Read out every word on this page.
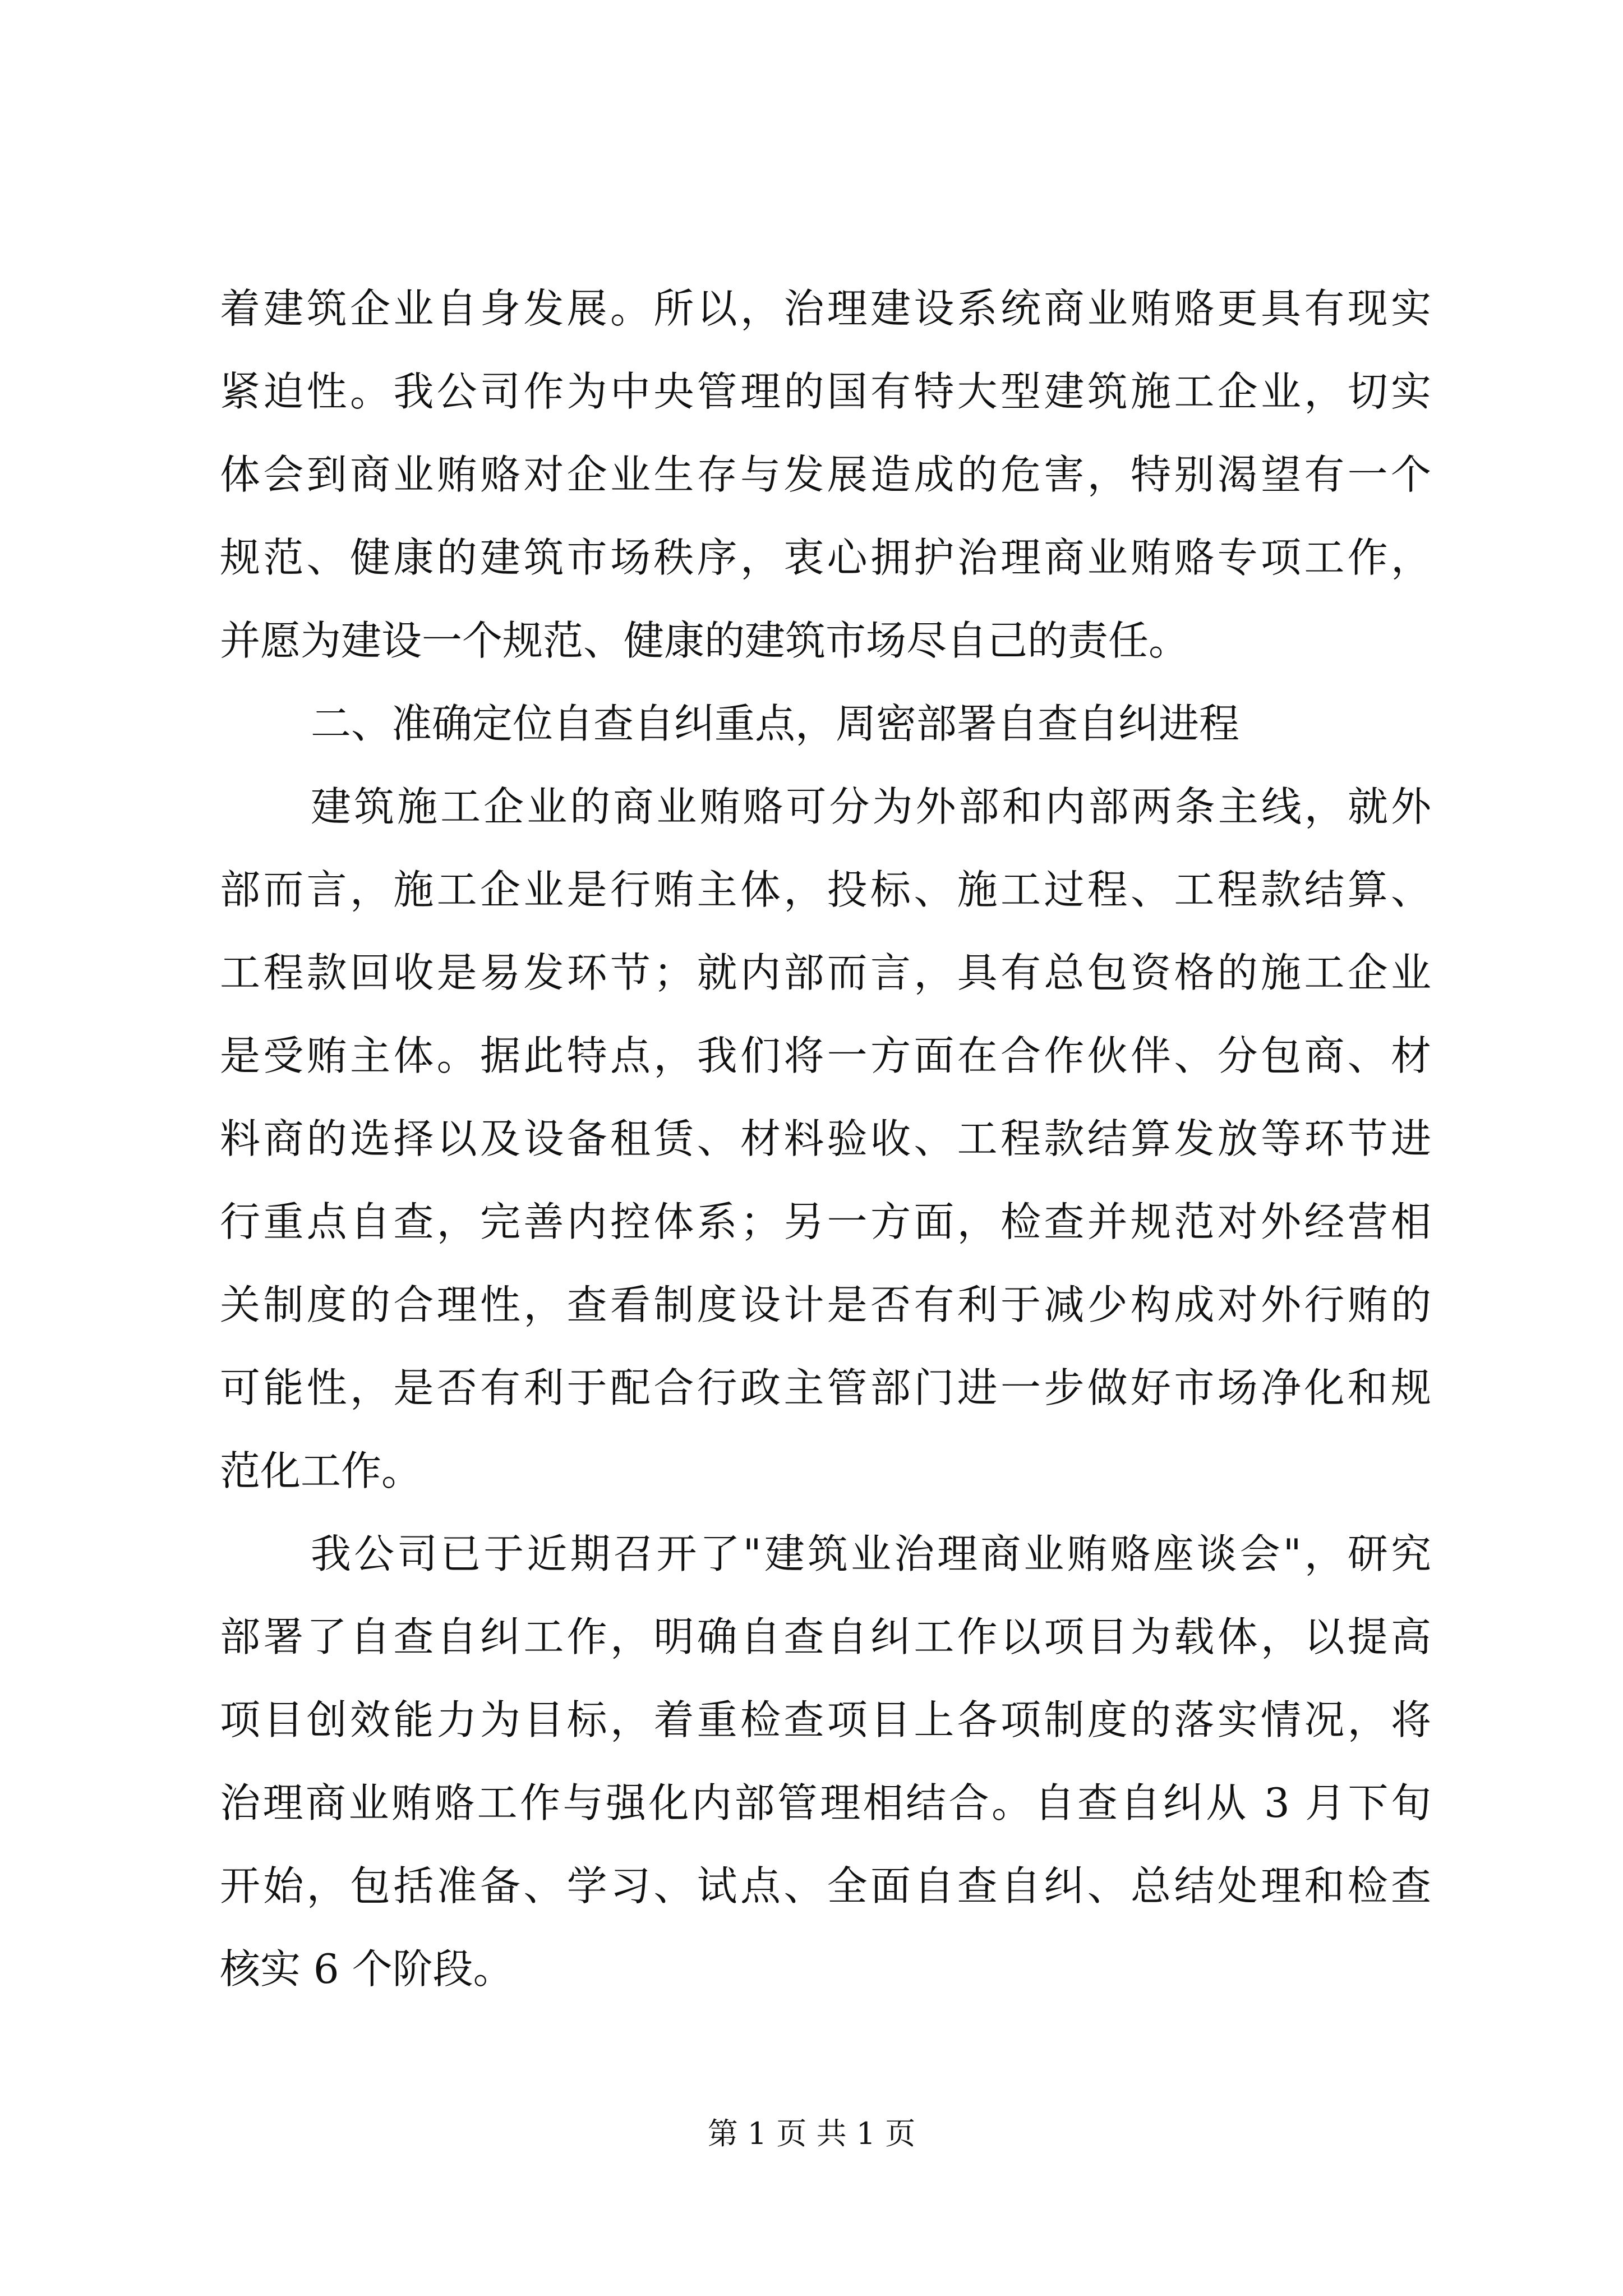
着建筑企业自身发展。所以，治理建设系统商业贿赂更具有现实
紧迫性。我公司作为中央管理的国有特大型建筑施工企业，切实
体会到商业贿赂对企业生存与发展造成的危害，特别渴望有一个
规范、健康的建筑市场秩序，衷心拥护治理商业贿赂专项工作，
并愿为建设一个规范、健康的建筑市场尽自己的责任。
二、准确定位自查自纠重点，周密部署自查自纠进程
建筑施工企业的商业贿赂可分为外部和内部两条主线，就外
部而言，施工企业是行贿主体，投标、施工过程、工程款结算、
工程款回收是易发环节；就内部而言，具有总包资格的施工企业
是受贿主体。据此特点，我们将一方面在合作伙伴、分包商、材
料商的选择以及设备租赁、材料验收、工程款结算发放等环节进
行重点自查，完善内控体系；另一方面，检查并规范对外经营相
关制度的合理性，查看制度设计是否有利于减少构成对外行贿的
可能性，是否有利于配合行政主管部门进一步做好市场净化和规
范化工作。
我公司已于近期召开了"建筑业治理商业贿赂座谈会"，研究
部署了自查自纠工作，明确自查自纠工作以项目为载体，以提高
项目创效能力为目标，着重检查项目上各项制度的落实情况，将
治理商业贿赂工作与强化内部管理相结合。自查自纠从 3 月下旬
开始，包括准备、学习、试点、全面自查自纠、总结处理和检查
核实 6 个阶段。
第 1 页 共 1 页
